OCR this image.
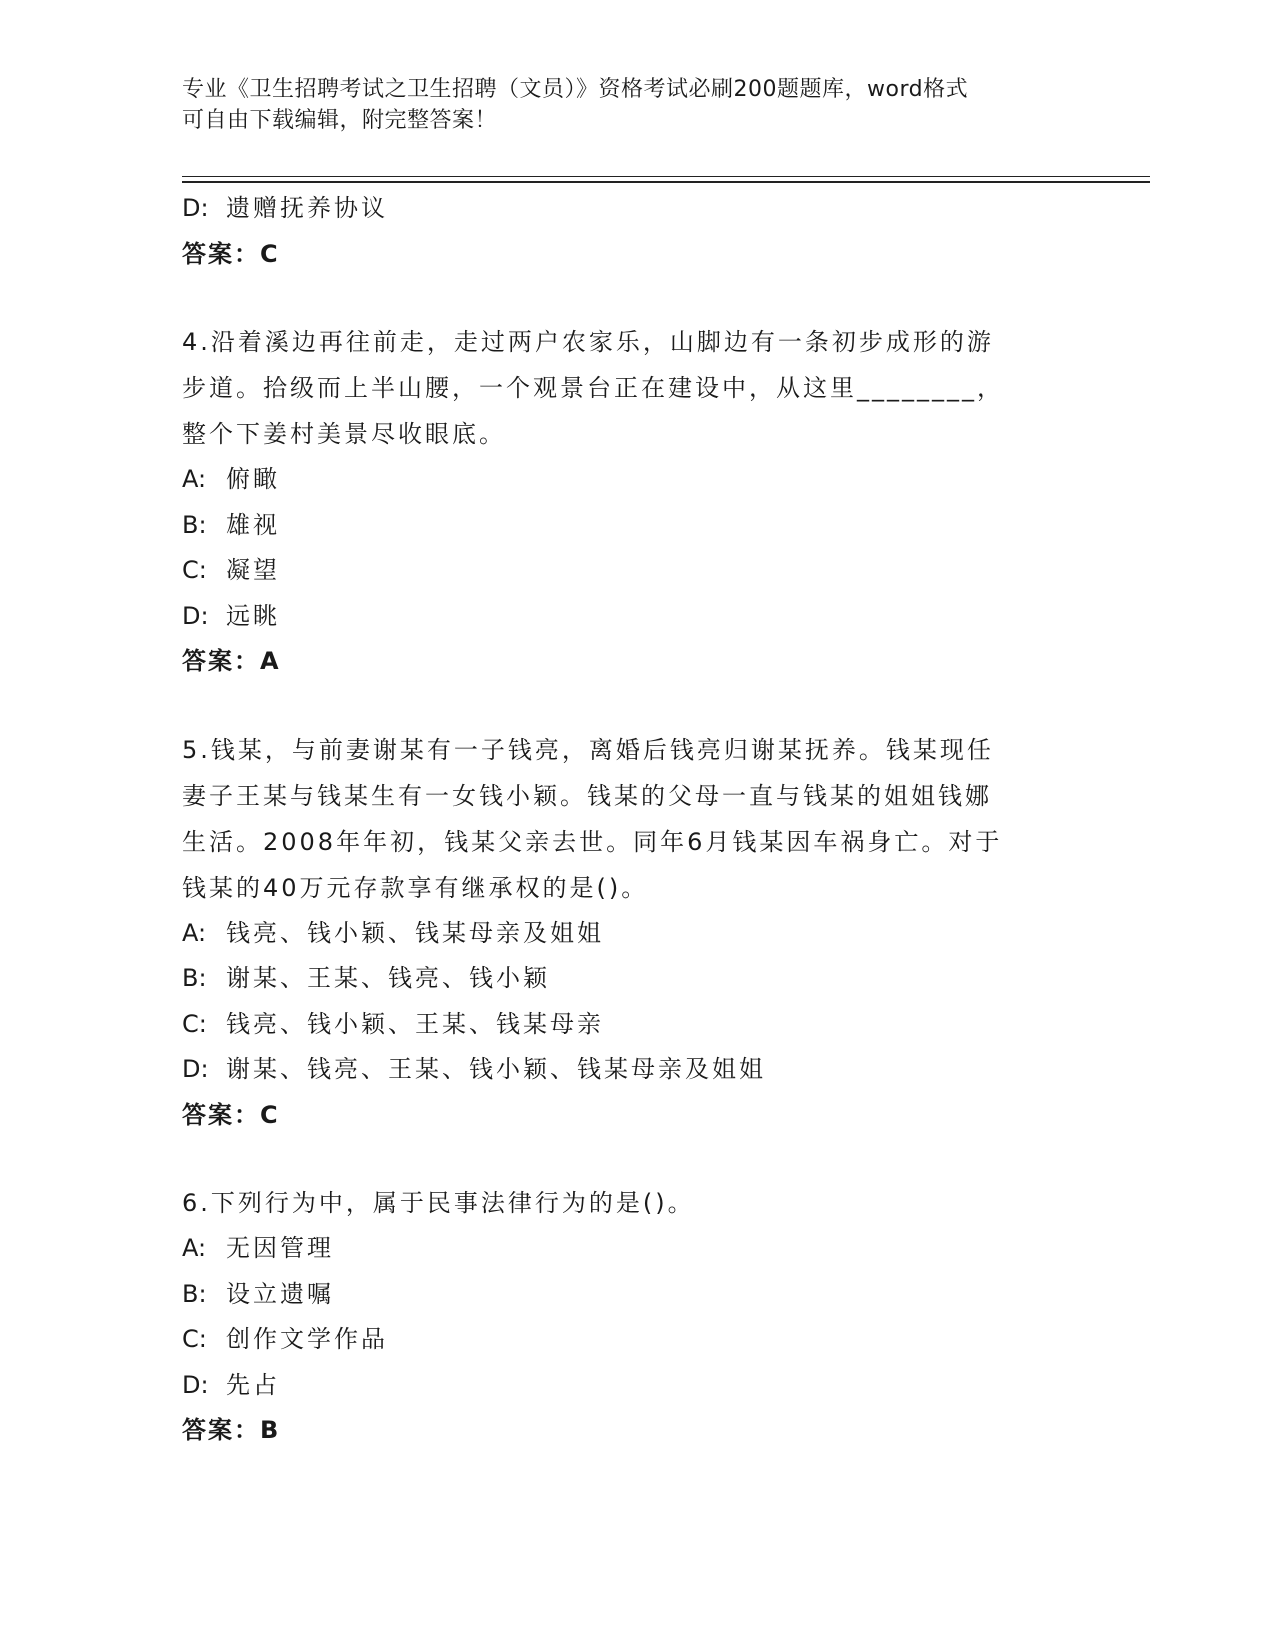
专业《卫生招聘考试之卫生招聘（文员）》资格考试必刷200题题库，word格式
可自由下载编辑，附完整答案！
D: 遗赠抚养协议
答案：C
4.沿着溪边再往前走，走过两户农家乐，山脚边有一条初步成形的游
步道。拾级而上半山腰，一个观景台正在建设中，从这里________，
整个下姜村美景尽收眼底。
A: 俯瞰
B: 雄视
C: 凝望
D: 远眺
答案：A
5.钱某，与前妻谢某有一子钱亮，离婚后钱亮归谢某抚养。钱某现任
妻子王某与钱某生有一女钱小颖。钱某的父母一直与钱某的姐姐钱娜
生活。2008年年初，钱某父亲去世。同年6月钱某因车祸身亡。对于
钱某的40万元存款享有继承权的是()。
A: 钱亮、钱小颖、钱某母亲及姐姐
B: 谢某、王某、钱亮、钱小颖
C: 钱亮、钱小颖、王某、钱某母亲
D: 谢某、钱亮、王某、钱小颖、钱某母亲及姐姐
答案：C
6.下列行为中，属于民事法律行为的是()。
A: 无因管理
B: 设立遗嘱
C: 创作文学作品
D: 先占
答案：B
